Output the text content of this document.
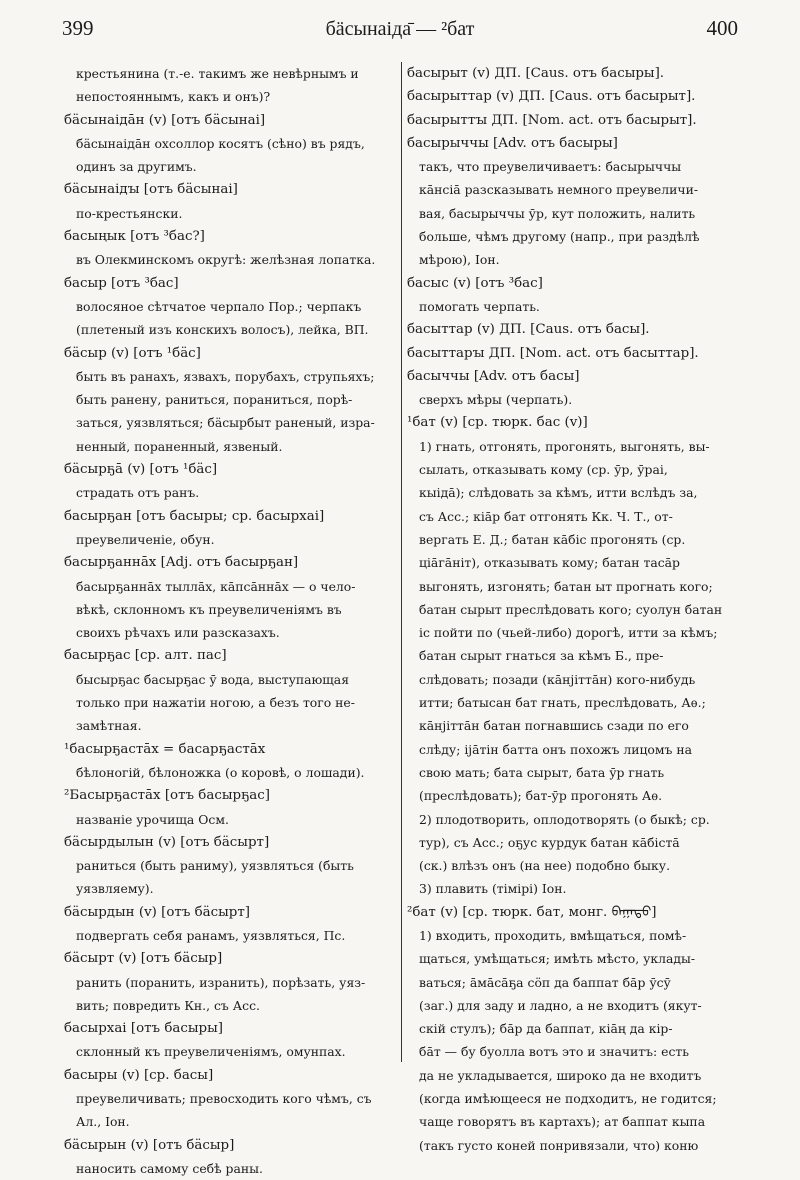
399	бӓсынаіда̄ — ²бат	400
крестьянина (т.-е. такимъ же невѣрнымъ и
непостояннымъ, какъ и онъ)?
бӓсынаіда̄н (v) [отъ бӓсынаі]
бӓсынаіда̄н охсоллор косятъ (сѣно) въ рядъ,
одинъ за другимъ.
бӓсынаідꙑ [отъ бӓсынаі]
по-крестьянски.
басыңык [отъ ³бас?]
въ Олекминскомъ округѣ: желѣзная лопатка.
басыр [отъ ³бас]
волосяное сѣтчатое черпало Пор.; черпакъ
(плетеный изъ конскихъ волосъ), лейка, ВП.
бӓсыр (v) [отъ ¹бӓс]
быть въ ранахъ, язвахъ, порубахъ, струпьяхъ;
быть ранену, раниться, пораниться, порѣ-
заться, уязвляться; бӓсырбыт раненый, изра-
ненный, пораненный, язвеный.
бӓсырҕа̄ (v) [отъ ¹бӓс]
страдать отъ ранъ.
басырҕан [отъ басыры; ср. басырхаі]
преувеличеніе, обун.
басырҕанна̄х [Adj. отъ басырҕан]
басырҕанна̄х тылла̄х, ка̄пса̄нна̄х — о чело-
вѣкѣ, склонномъ къ преувеличеніямъ въ
своихъ рѣчахъ или разсказахъ.
басырҕас [ср. алт. пас]
бысырҕас басырҕас ӯ вода, выступающая
только при нажатіи ногою, а безъ того не-
замѣтная.
¹басырҕаста̄х = басарҕаста̄х
бѣлоногій, бѣлоножка (о коровѣ, о лошади).
²Басырҕаста̄х [отъ басырҕас]
названіе урочища Осм.
бӓсырдылын (v) [отъ бӓсырт]
раниться (быть раниму), уязвляться (быть
уязвляему).
бӓсырдын (v) [отъ бӓсырт]
подвергать себя ранамъ, уязвляться, Пс.
бӓсырт (v) [отъ бӓсыр]
ранить (поранить, изранить), порѣзать, уяз-
вить; повредить Кн., съ Асс.
басырхаі [отъ басыры]
склонный къ преувеличеніямъ, омунпах.
басыры (v) [ср. басы]
преувеличивать; превосходить кого чѣмъ, съ
Ал., Іон.
бӓсырын (v) [отъ бӓсыр]
наносить самому себѣ раны.
басырыт (v) ДП. [Caus. отъ басыры].
басырыттар (v) ДП. [Caus. отъ басырыт].
басырыттꙑ ДП. [Nom. act. отъ басырыт].
басырыччы [Adv. отъ басыры]
такъ, что преувеличиваетъ: басырыччы
ка̄нсіа̄ разсказывать немного преувеличи-
вая, басырыччы ӯр, кут положить, налить
больше, чѣмъ другому (напр., при раздѣлѣ
мѣрою), Іон.
басыс (v) [отъ ³бас]
помогать черпать.
басыттар (v) ДП. [Caus. отъ басы].
басыттарꙑ ДП. [Nom. act. отъ басыттар].
басыччы [Adv. отъ басы]
сверхъ мѣры (черпать).
¹бат (v) [ср. тюрк. бас (v)]
1) гнать, отгонять, прогонять, выгонять, вы-
сылать, отказывать кому (ср. ӯр, ӯраі,
кыіда̄); слѣдовать за кѣмъ, итти вслѣдъ за,
съ Асс.; кіа̄р бат отгонять Кк. Ч. Т., от-
вергать Е. Д.; батан ка̄біс прогонять (ср.
ціа̄га̄ніт), отказывать кому; батан таса̄р
выгонять, изгонять; батан ыт прогнать кого;
батан сырыт преслѣдовать кого; суолун батан
іс пойти по (чьей-либо) дорогѣ, итти за кѣмъ;
батан сырыт гнаться за кѣмъ Б., пре-
слѣдовать; позади (ка̄нјітта̄н) кого-нибудь
итти; батысан бат гнать, преслѣдовать, Аѳ.;
ка̄нјітта̄н батан погнавшись сзади по его
слѣду; іја̄тін батта онъ похожъ лицомъ на
свою мать; бата сырыт, бата ӯр гнать
(преслѣдовать); бат-ӯр прогонять Аѳ.
2) плодотворить, оплодотворять (о быкѣ; ср.
тур), съ Асс.; оҕус курдук батан ка̄біста̄
(ск.) влѣзъ онъ (на нее) подобно быку.
3) плавить (тімірі) Іон.
²бат (v) [ср. тюрк. бат, монг. ᠪᠠᠭᠠᠲᠤ]
1) входить, проходить, вмѣщаться, помѣ-
щаться, умѣщаться; имѣть мѣсто, уклады-
ваться; а̄ма̄са̄ҕа сӧп да баппат ба̄р ӯсӯ
(заг.) для заду и ладно, а не входитъ (якут-
скій стулъ); ба̄р да баппат, кіа̄ң да кір-
ба̄т — бу буолла вотъ это и значитъ: есть
да не укладывается, широко да не входитъ
(когда имѣющееся не подходитъ, не годится;
чаще говорятъ въ картахъ); ат баппат кыпа
(такъ густо коней понривязали, что) коню
